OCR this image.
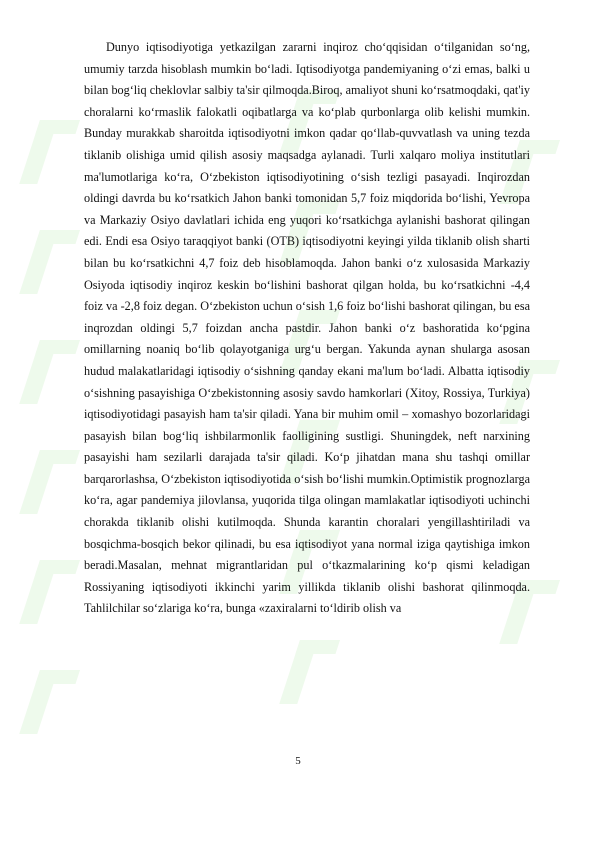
Dunyo iqtisodiyotiga yetkazilgan zararni inqiroz cho‘qqisidan o‘tilganidan so‘ng, umumiy tarzda hisoblash mumkin bo‘ladi. Iqtisodiyotga pandemiyaning o‘zi emas, balki u bilan bog‘liq cheklovlar salbiy ta'sir qilmoqda.Biroq, amaliyot shuni ko‘rsatmoqdaki, qat'iy choralarni ko‘rmaslik falokatli oqibatlarga va ko‘plab qurbonlarga olib kelishi mumkin. Bunday murakkab sharoitda iqtisodiyotni imkon qadar qo‘llab-quvvatlash va uning tezda tiklanib olishiga umid qilish asosiy maqsadga aylanadi. Turli xalqaro moliya institutlari ma'lumotlariga ko‘ra, O‘zbekiston iqtisodiyotining o‘sish tezligi pasayadi. Inqirozdan oldingi davrda bu ko‘rsatkich Jahon banki tomonidan 5,7 foiz miqdorida bo‘lishi, Yevropa va Markaziy Osiyo davlatlari ichida eng yuqori ko‘rsatkichga aylanishi bashorat qilingan edi. Endi esa Osiyo taraqqiyot banki (OTB) iqtisodiyotni keyingi yilda tiklanib olish sharti bilan bu ko‘rsatkichni 4,7 foiz deb hisoblamoqda. Jahon banki o‘z xulosasida Markaziy Osiyoda iqtisodiy inqiroz keskin bo‘lishini bashorat qilgan holda, bu ko‘rsatkichni -4,4 foiz va -2,8 foiz degan. O‘zbekiston uchun o‘sish 1,6 foiz bo‘lishi bashorat qilingan, bu esa inqrozdan oldingi 5,7 foizdan ancha pastdir. Jahon banki o‘z bashoratida ko‘pgina omillarning noaniq bo‘lib qolayotganiga urg‘u bergan. Yakunda aynan shularga asosan hudud malakatlaridagi iqtisodiy o‘sishning qanday ekani ma'lum bo‘ladi. Albatta iqtisodiy o‘sishning pasayishiga O‘zbekistonning asosiy savdo hamkorlari (Xitoy, Rossiya, Turkiya) iqtisodiyotidagi pasayish ham ta'sir qiladi. Yana bir muhim omil – xomashyo bozorlaridagi pasayish bilan bog‘liq ishbilarmonlik faolligining sustligi. Shuningdek, neft narxining pasayishi ham sezilarli darajada ta'sir qiladi. Ko‘p jihatdan mana shu tashqi omillar barqarorlashsa, O‘zbekiston iqtisodiyotida o‘sish bo‘lishi mumkin.Optimistik prognozlarga ko‘ra, agar pandemiya jilovlansa, yuqorida tilga olingan mamlakatlar iqtisodiyoti uchinchi chorakda tiklanib olishi kutilmoqda. Shunda karantin choralari yengillashtiriladi va bosqichma-bosqich bekor qilinadi, bu esa iqtisodiyot yana normal iziga qaytishiga imkon beradi.Masalan, mehnat migrantlaridan pul o‘tkazmalarining ko‘p qismi keladigan Rossiyaning iqtisodiyoti ikkinchi yarim yillikda tiklanib olishi bashorat qilinmoqda. Tahlilchilar so‘zlariga ko‘ra, bunga «zaxiralarni to‘ldirib olish va

5
